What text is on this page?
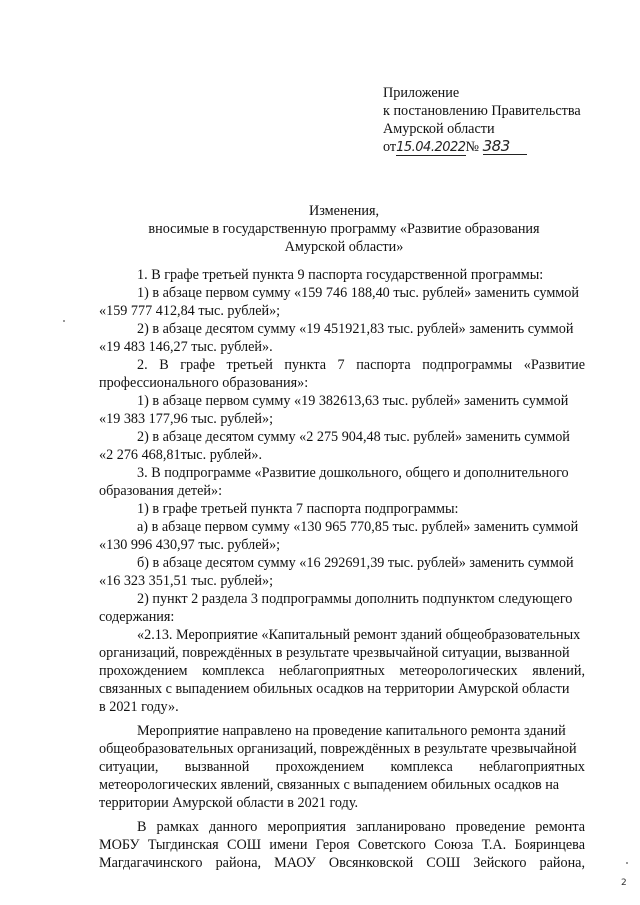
Приложение
к постановлению Правительства
Амурской области
от15.04.2022№ 383
Изменения,
вносимые в государственную программу «Развитие образования
Амурской области»
1. В графе третьей пункта 9 паспорта государственной программы:
1) в абзаце первом сумму «159 746 188,40 тыс. рублей» заменить суммой
«159 777 412,84 тыс. рублей»;
2) в абзаце десятом сумму «19 451921,83 тыс. рублей» заменить суммой
«19 483 146,27 тыс. рублей».
2. В графе третьей пункта 7 паспорта подпрограммы «Развитие
профессионального образования»:
1) в абзаце первом сумму «19 382613,63 тыс. рублей» заменить суммой
«19 383 177,96 тыс. рублей»;
2) в абзаце десятом сумму «2 275 904,48 тыс. рублей» заменить суммой
«2 276 468,81тыс. рублей».
3. В подпрограмме «Развитие дошкольного, общего и дополнительного
образования детей»:
1) в графе третьей пункта 7 паспорта подпрограммы:
а) в абзаце первом сумму «130 965 770,85 тыс. рублей» заменить суммой
«130 996 430,97 тыс. рублей»;
б) в абзаце десятом сумму «16 292691,39 тыс. рублей» заменить суммой
«16 323 351,51 тыс. рублей»;
2) пункт 2 раздела 3 подпрограммы дополнить подпунктом следующего
содержания:
«2.13. Мероприятие «Капитальный ремонт зданий общеобразовательных
организаций, повреждённых в результате чрезвычайной ситуации, вызванной
прохождением комплекса неблагоприятных метеорологических явлений,
связанных с выпадением обильных осадков на территории Амурской области
в 2021 году».
Мероприятие направлено на проведение капитального ремонта зданий
общеобразовательных организаций, повреждённых в результате чрезвычайной
ситуации, вызванной прохождением комплекса неблагоприятных
метеорологических явлений, связанных с выпадением обильных осадков на
территории Амурской области в 2021 году.
В рамках данного мероприятия запланировано проведение ремонта
МОБУ Тыгдинская СОШ имени Героя Советского Союза Т.А. Бояринцева
Магдагачинского района, МАОУ Овсянковской СОШ Зейского района,
2
